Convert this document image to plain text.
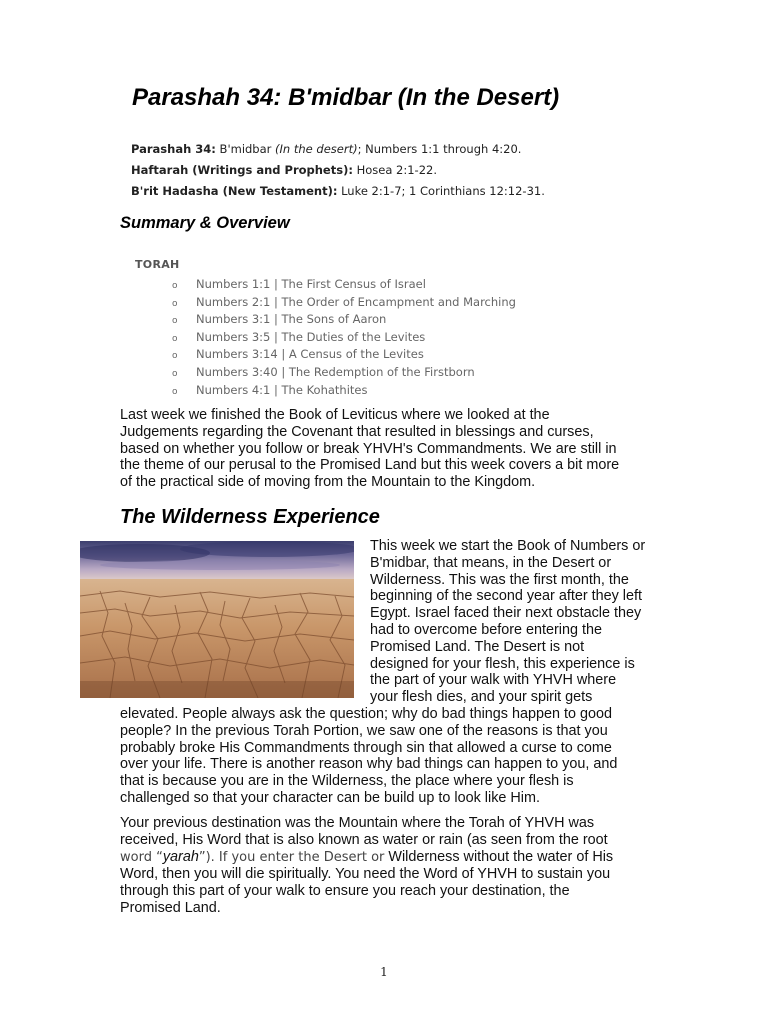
Parashah 34: B'midbar (In the Desert)
Parashah 34: B'midbar (In the desert); Numbers 1:1 through 4:20.
Haftarah (Writings and Prophets): Hosea 2:1-22.
B'rit Hadasha (New Testament): Luke 2:1-7; 1 Corinthians 12:12-31.
Summary & Overview
TORAH
o Numbers 1:1 | The First Census of Israel
o Numbers 2:1 | The Order of Encampment and Marching
o Numbers 3:1 | The Sons of Aaron
o Numbers 3:5 | The Duties of the Levites
o Numbers 3:14 | A Census of the Levites
o Numbers 3:40 | The Redemption of the Firstborn
o Numbers 4:1 | The Kohathites

Last week we finished the Book of Leviticus where we looked at the
Judgements regarding the Covenant that resulted in blessings and curses,
based on whether you follow or break YHVH's Commandments. We are still in
the theme of our perusal to the Promised Land but this week covers a bit more
of the practical side of moving from the Mountain to the Kingdom.

The Wilderness Experience
This week we start the Book of Numbers or
B'midbar, that means, in the Desert or
Wilderness. This was the first month, the
beginning of the second year after they left
Egypt. Israel faced their next obstacle they
had to overcome before entering the
Promised Land. The Desert is not
designed for your flesh, this experience is
the part of your walk with YHVH where
your flesh dies, and your spirit gets

elevated. People always ask the question; why do bad things happen to good
people? In the previous Torah Portion, we saw one of the reasons is that you
probably broke His Commandments through sin that allowed a curse to come
over your life. There is another reason why bad things can happen to you, and
that is because you are in the Wilderness, the place where your flesh is
challenged so that your character can be build up to look like Him.

Your previous destination was the Mountain where the Torah of YHVH was
received, His Word that is also known as water or rain (as seen from the root
word “yarah”). If you enter the Desert or Wilderness without the water of His
Word, then you will die spiritually. You need the Word of YHVH to sustain you
through this part of your walk to ensure you reach your destination, the
Promised Land.

1
